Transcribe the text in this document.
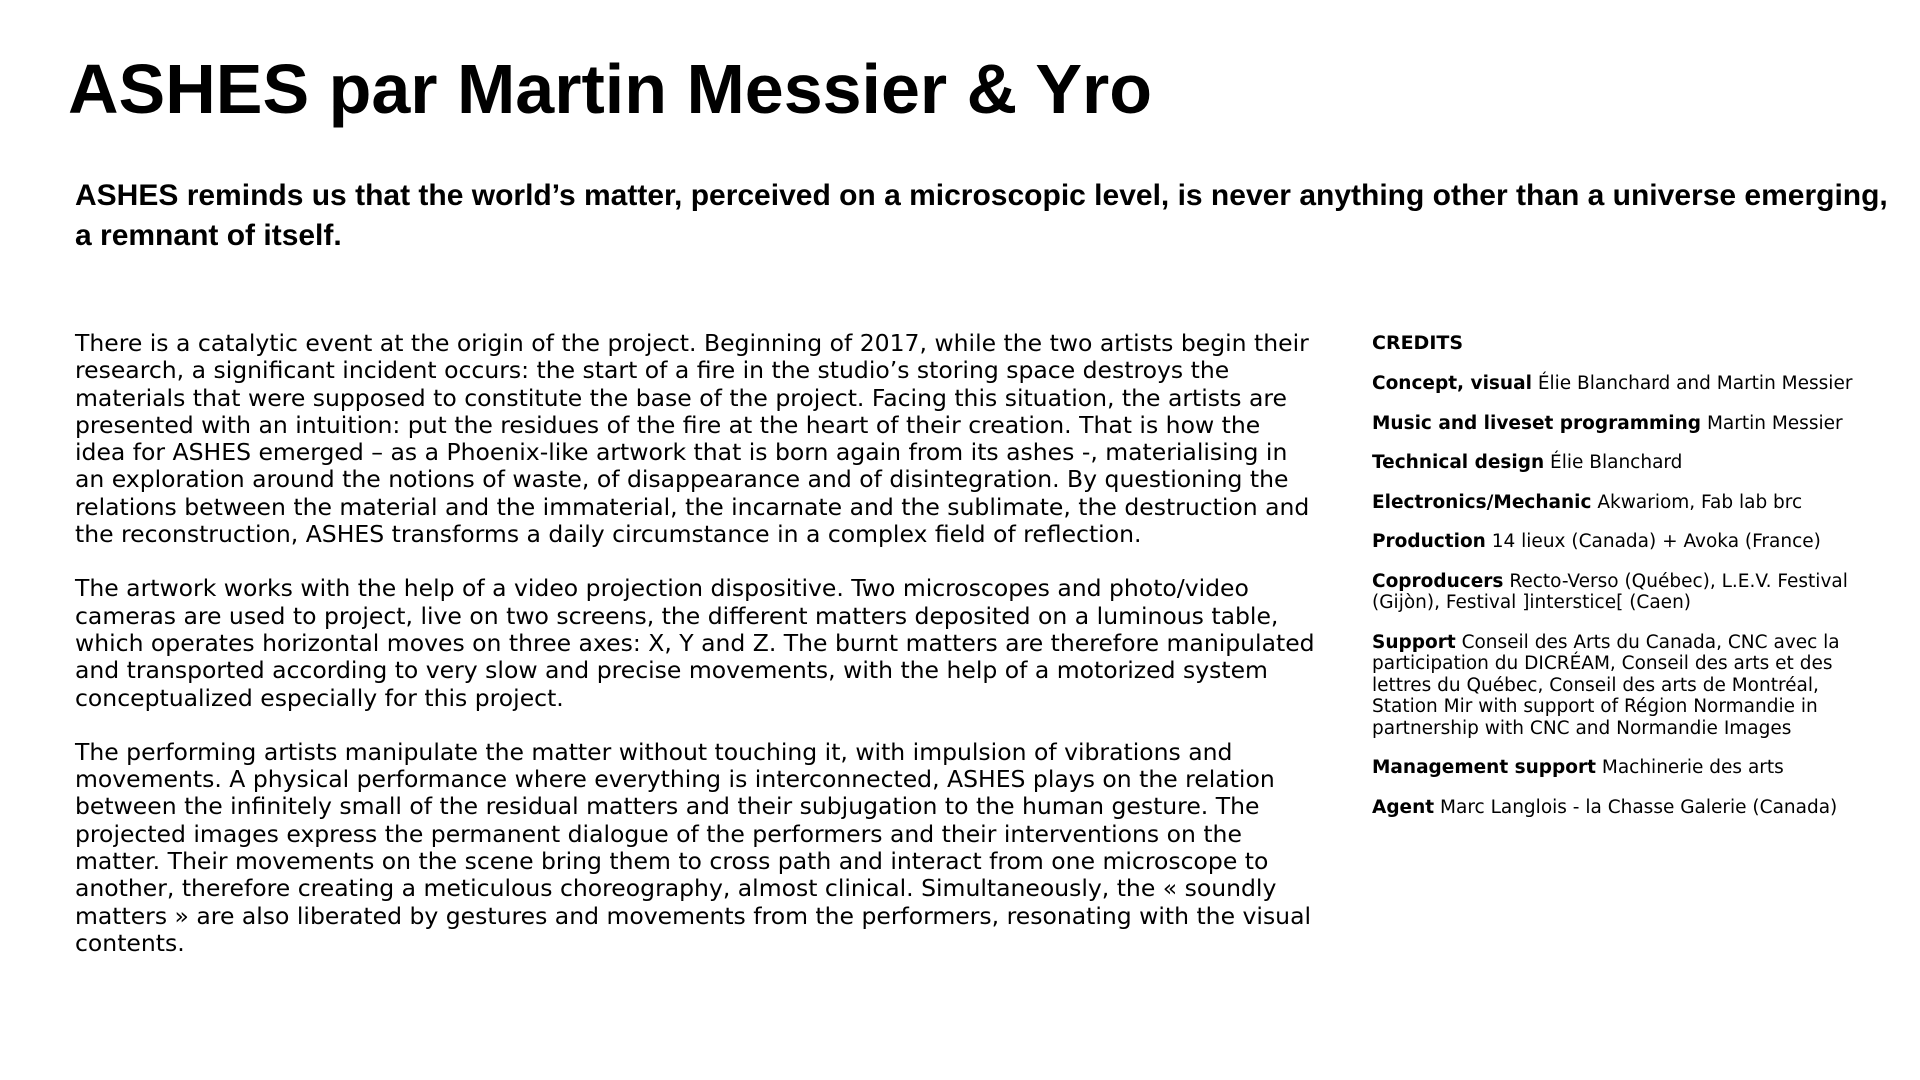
ASHES par Martin Messier & Yro

ASHES reminds us that the world’s matter, perceived on a microscopic level, is never anything other than a universe emerging, a remnant of itself.

There is a catalytic event at the origin of the project. Beginning of 2017, while the two artists begin their research, a significant incident occurs: the start of a fire in the studio’s storing space destroys the materials that were supposed to constitute the base of the project. Facing this situation, the artists are presented with an intuition: put the residues of the fire at the heart of their creation. That is how the idea for ASHES emerged – as a Phoenix-like artwork that is born again from its ashes -, materialising in an exploration around the notions of waste, of disappearance and of disintegration. By questioning the relations between the material and the immaterial, the incarnate and the sublimate, the destruction and the reconstruction, ASHES transforms a daily circumstance in a complex field of reflection.

The artwork works with the help of a video projection dispositive. Two microscopes and photo/video cameras are used to project, live on two screens, the different matters deposited on a luminous table, which operates horizontal moves on three axes: X, Y and Z. The burnt matters are therefore manipulated and transported according to very slow and precise movements, with the help of a motorized system conceptualized especially for this project.

The performing artists manipulate the matter without touching it, with impulsion of vibrations and movements. A physical performance where everything is interconnected, ASHES plays on the relation between the infinitely small of the residual matters and their subjugation to the human gesture. The projected images express the permanent dialogue of the performers and their interventions on the matter. Their movements on the scene bring them to cross path and interact from one microscope to another, therefore creating a meticulous choreography, almost clinical. Simultaneously, the « soundly matters » are also liberated by gestures and movements from the performers, resonating with the visual contents.

CREDITS
Concept, visual Élie Blanchard and Martin Messier
Music and liveset programming Martin Messier
Technical design Élie Blanchard
Electronics/Mechanic Akwariom, Fab lab brc
Production 14 lieux (Canada) + Avoka (France)
Coproducers Recto-Verso (Québec), L.E.V. Festival (Gijòn), Festival ]interstice[ (Caen)
Support Conseil des Arts du Canada, CNC avec la participation du DICRÉAM, Conseil des arts et des lettres du Québec, Conseil des arts de Montréal, Station Mir with support of Région Normandie in partnership with CNC and Normandie Images
Management support Machinerie des arts
Agent Marc Langlois - la Chasse Galerie (Canada)
